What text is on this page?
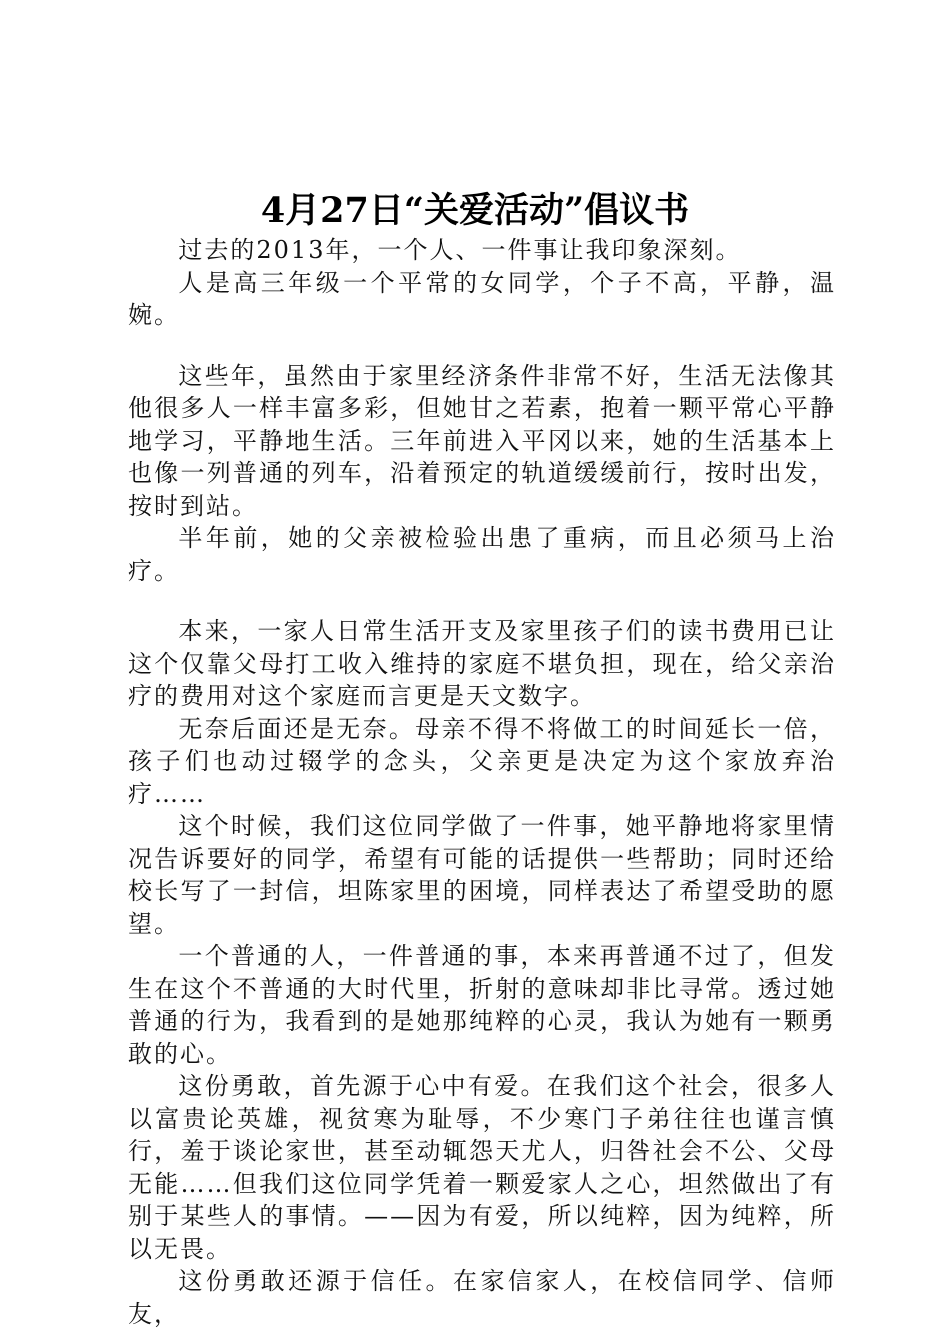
4月27日“关爱活动”倡议书

过去的2013年，一个人、一件事让我印象深刻。

人是高三年级一个平常的女同学，个子不高，平静，温婉。

这些年，虽然由于家里经济条件非常不好，生活无法像其他很多人一样丰富多彩，但她甘之若素，抱着一颗平常心平静地学习，平静地生活。三年前进入平冈以来，她的生活基本上也像一列普通的列车，沿着预定的轨道缓缓前行，按时出发，按时到站。

半年前，她的父亲被检验出患了重病，而且必须马上治疗。

本来，一家人日常生活开支及家里孩子们的读书费用已让这个仅靠父母打工收入维持的家庭不堪负担，现在，给父亲治疗的费用对这个家庭而言更是天文数字。

无奈后面还是无奈。母亲不得不将做工的时间延长一倍，孩子们也动过辍学的念头，父亲更是决定为这个家放弃治疗……

这个时候，我们这位同学做了一件事，她平静地将家里情况告诉要好的同学，希望有可能的话提供一些帮助；同时还给校长写了一封信，坦陈家里的困境，同样表达了希望受助的愿望。

一个普通的人，一件普通的事，本来再普通不过了，但发生在这个不普通的大时代里，折射的意味却非比寻常。透过她普通的行为，我看到的是她那纯粹的心灵，我认为她有一颗勇敢的心。

这份勇敢，首先源于心中有爱。在我们这个社会，很多人以富贵论英雄，视贫寒为耻辱，不少寒门子弟往往也谨言慎行，羞于谈论家世，甚至动辄怨天尤人，归咎社会不公、父母无能……但我们这位同学凭着一颗爱家人之心，坦然做出了有别于某些人的事情。——因为有爱，所以纯粹，因为纯粹，所以无畏。

这份勇敢还源于信任。在家信家人，在校信同学、信师友，
